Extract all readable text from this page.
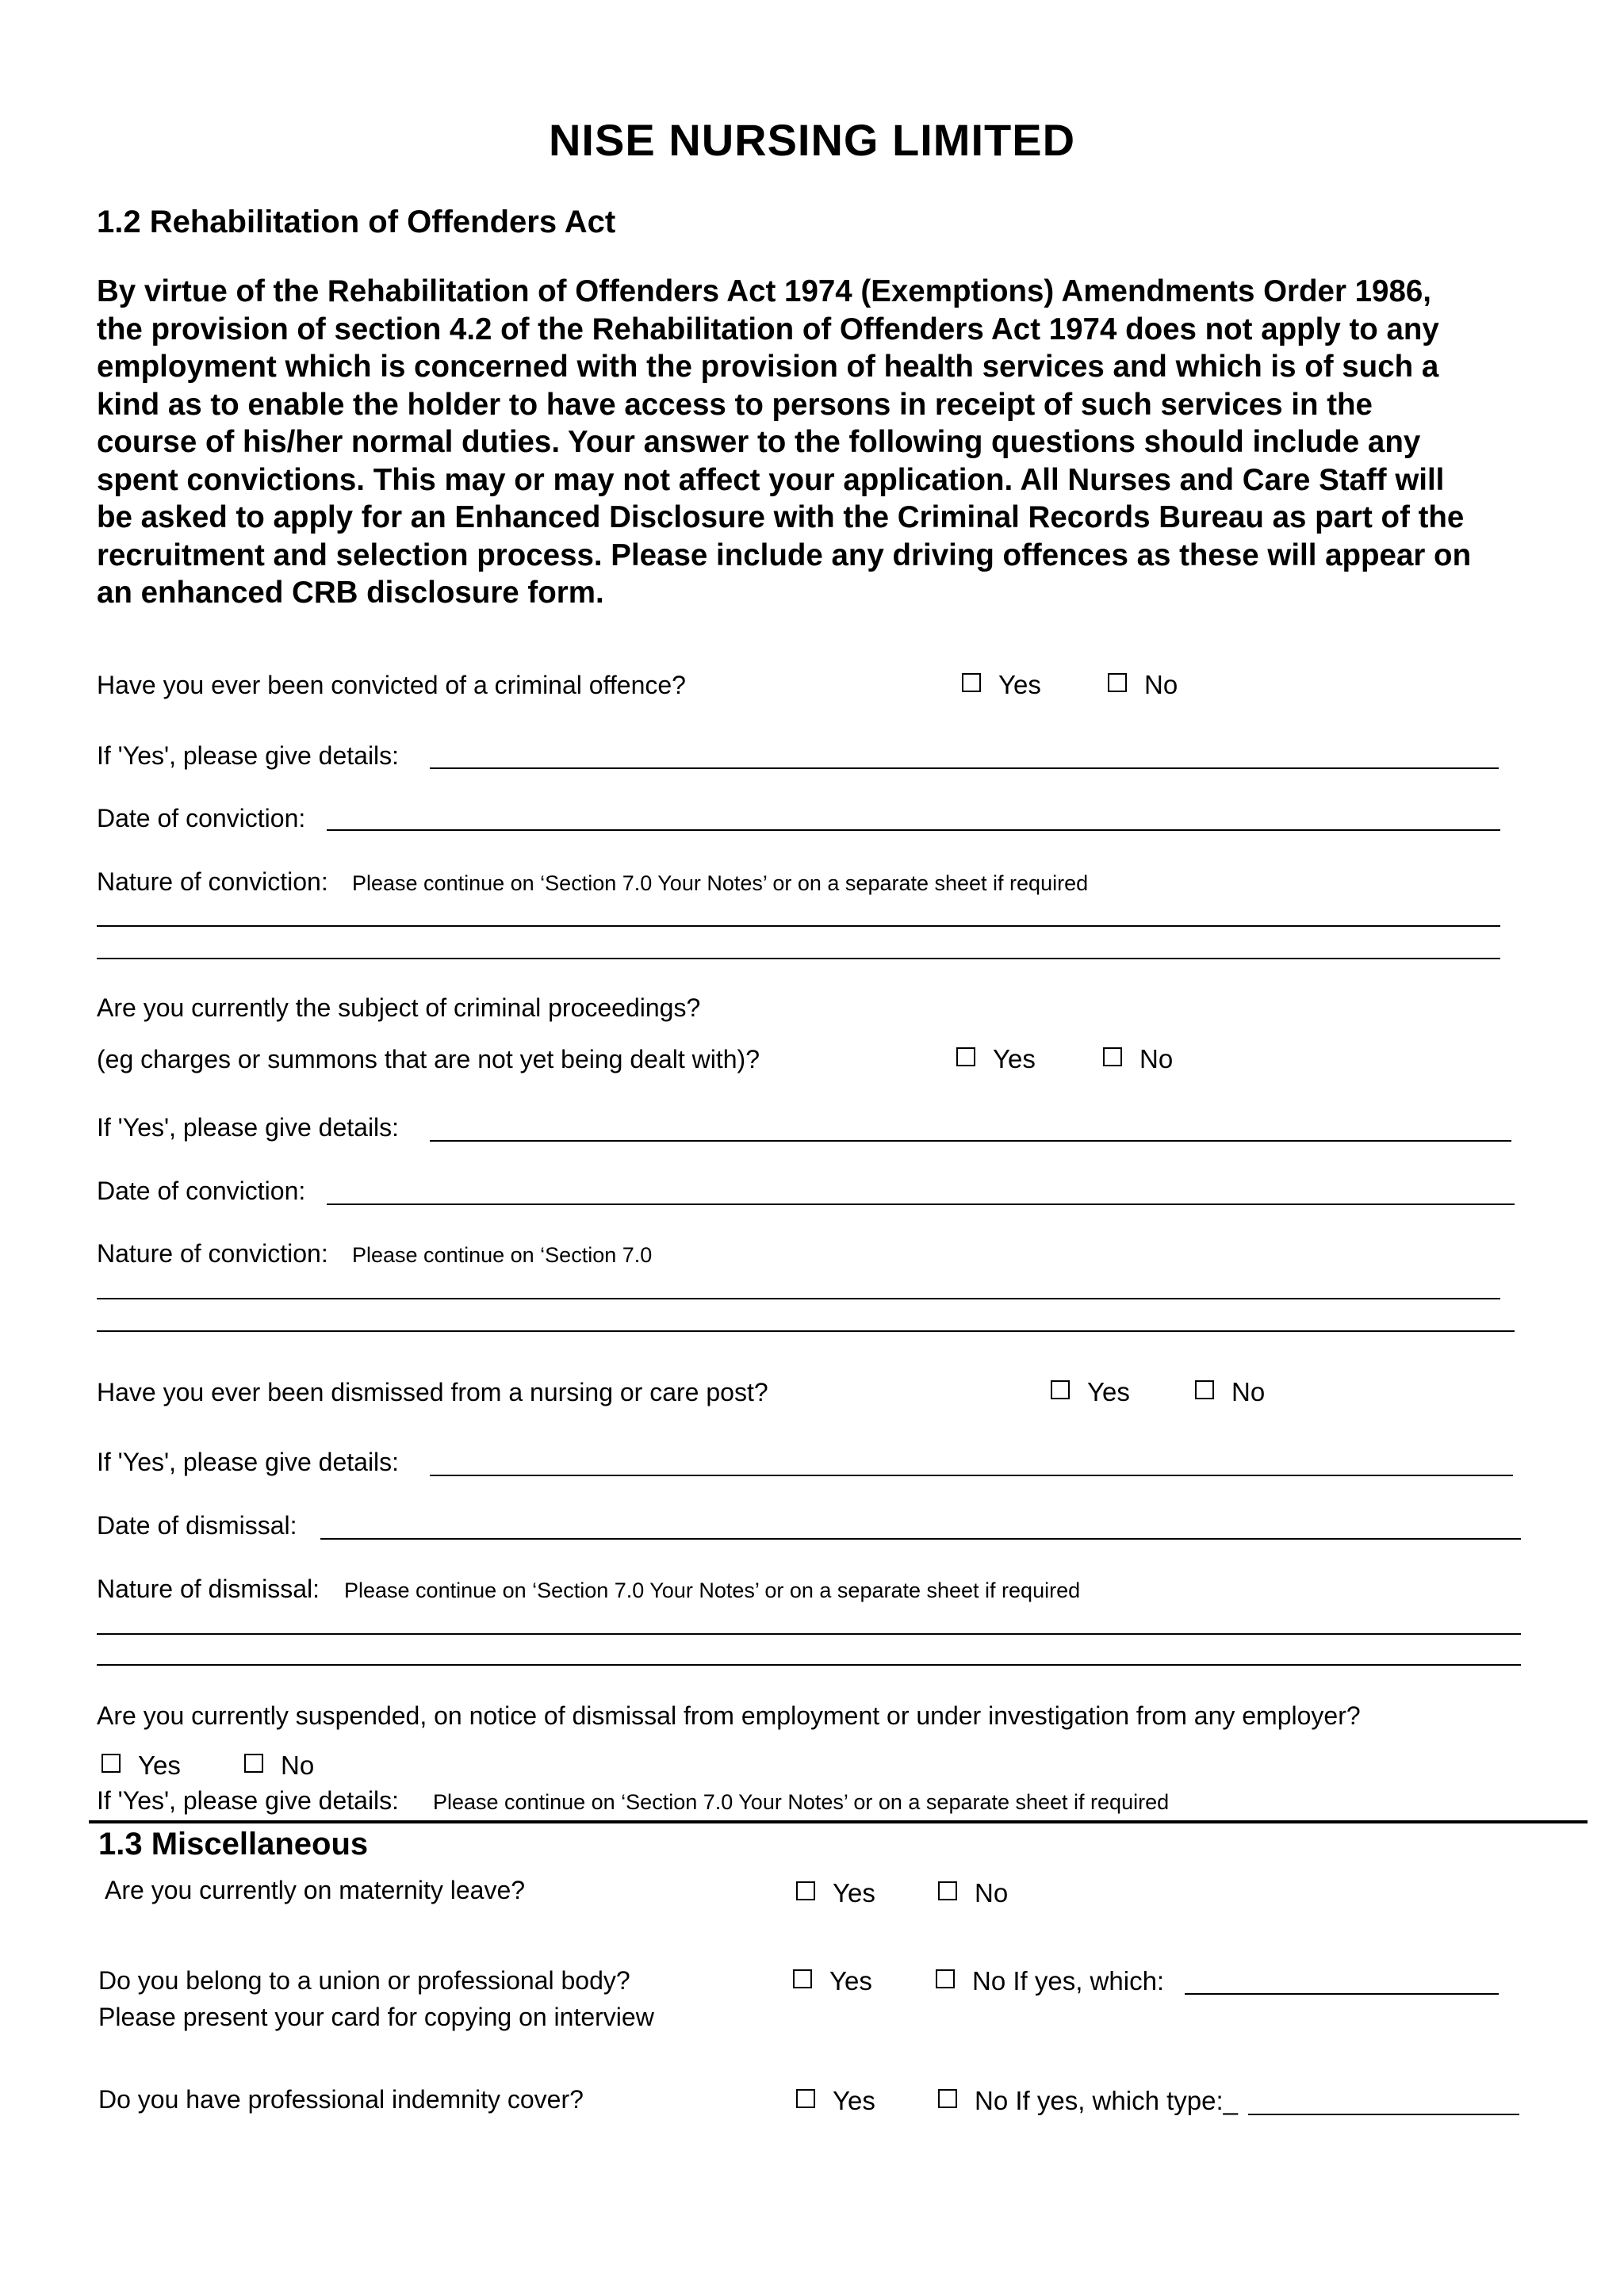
NISE NURSING LIMITED
1.2 Rehabilitation of Offenders Act
By virtue of the Rehabilitation of Offenders Act 1974 (Exemptions) Amendments Order 1986,
the provision of section 4.2 of the Rehabilitation of Offenders Act 1974 does not apply to any
employment which is concerned with the provision of health services and which is of such a
kind as to enable the holder to have access to persons in receipt of such services in the
course of his/her normal duties. Your answer to the following questions should include any
spent convictions. This may or may not affect your application. All Nurses and Care Staff will
be asked to apply for an Enhanced Disclosure with the Criminal Records Bureau as part of the
recruitment and selection process. Please include any driving offences as these will appear on
an enhanced CRB disclosure form.
Have you ever been convicted of a criminal offence?	Yes	No
If 'Yes', please give details:
Date of conviction:
Nature of conviction: Please continue on ‘Section 7.0 Your Notes’ or on a separate sheet if required
Are you currently the subject of criminal proceedings?
(eg charges or summons that are not yet being dealt with)?	Yes	No
If 'Yes', please give details:
Date of conviction:
Nature of conviction: Please continue on ‘Section 7.0
Have you ever been dismissed from a nursing or care post?	Yes	No
If 'Yes', please give details:
Date of dismissal:
Nature of dismissal: Please continue on ‘Section 7.0 Your Notes’ or on a separate sheet if required
Are you currently suspended, on notice of dismissal from employment or under investigation from any employer?
Yes	No
If 'Yes', please give details: Please continue on ‘Section 7.0 Your Notes’ or on a separate sheet if required
1.3 Miscellaneous
Are you currently on maternity leave?	Yes	No
Do you belong to a union or professional body?
Please present your card for copying on interview
Yes	No If yes, which:
Do you have professional indemnity cover?	Yes	No If yes, which type:_
